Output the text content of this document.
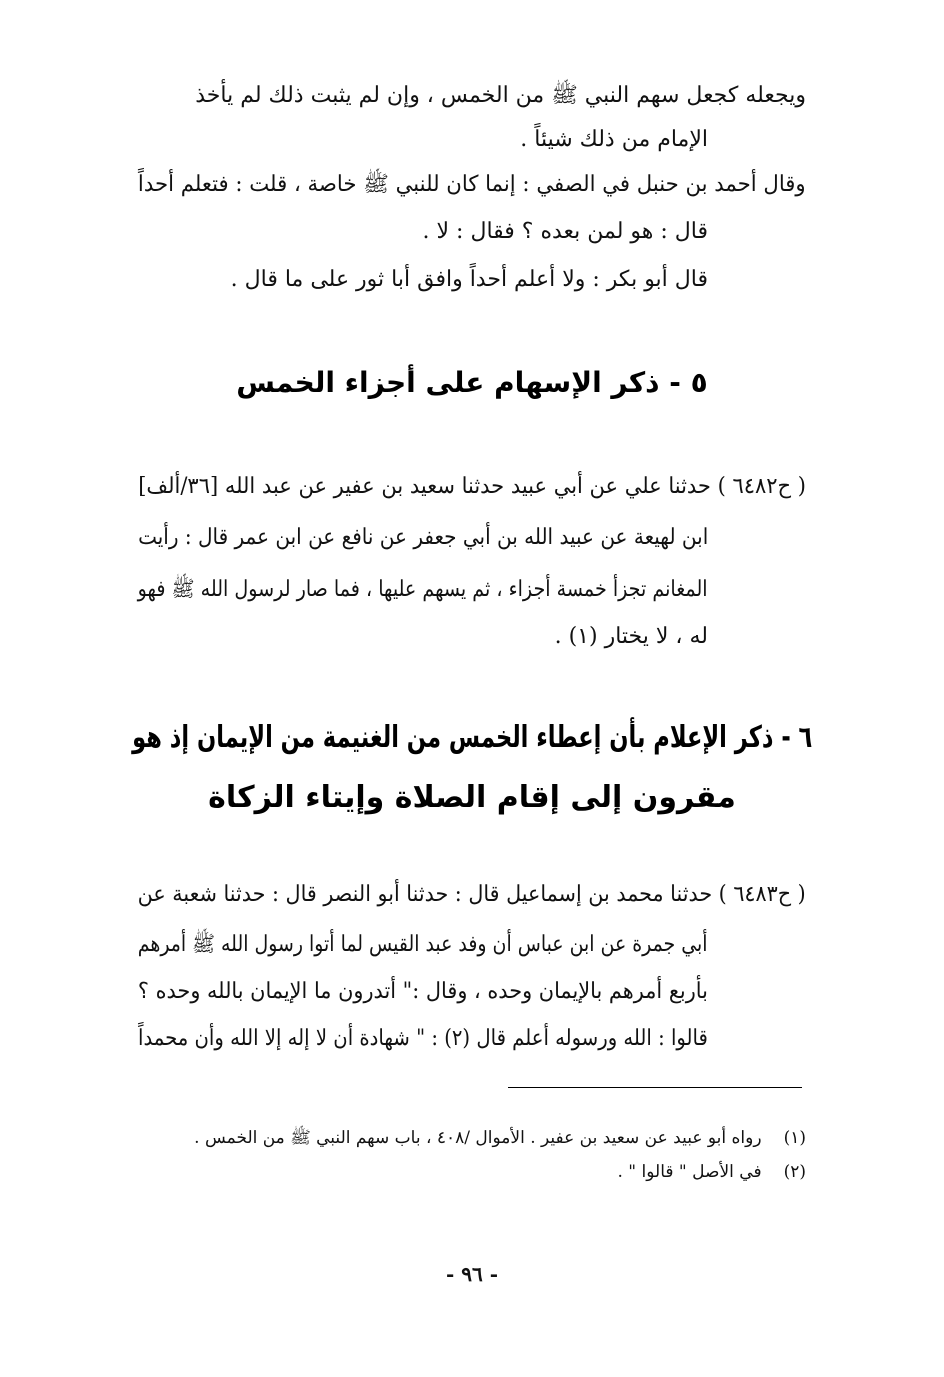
ويجعله كجعل سهم النبي ﷺ من الخمس ، وإن لم يثبت ذلك لم يأخذ
الإمام من ذلك شيئاً .
وقال أحمد بن حنبل في الصفي : إنما كان للنبي ﷺ خاصة ، قلت : فتعلم أحداً
قال : هو لمن بعده ؟ فقال : لا .
قال أبو بكر : ولا أعلم أحداً وافق أبا ثور على ما قال .
٥ - ذكر الإسهام على أجزاء الخمس
( ح٦٤٨٢ ) حدثنا علي عن أبي عبيد حدثنا سعيد بن عفير عن عبد الله [٣٦/ألف]
ابن لهيعة عن عبيد الله بن أبي جعفر عن نافع عن ابن عمر قال : رأيت
المغانم تجزأ خمسة أجزاء ، ثم يسهم عليها ، فما صار لرسول الله ﷺ فهو
له ، لا يختار (١) .
٦ - ذكر الإعلام بأن إعطاء الخمس من الغنيمة من الإيمان إذ هو
مقرون إلى إقام الصلاة وإيتاء الزكاة
( ح٦٤٨٣ ) حدثنا محمد بن إسماعيل قال : حدثنا أبو النصر قال : حدثنا شعبة عن
أبي جمرة عن ابن عباس أن وفد عبد القيس لما أتوا رسول الله ﷺ أمرهم
بأربع أمرهم بالإيمان وحده ، وقال :" أتدرون ما الإيمان بالله وحده ؟
قالوا : الله ورسوله أعلم قال (٢) : " شهادة أن لا إله إلا الله وأن محمداً
(١)رواه أبو عبيد عن سعيد بن عفير . الأموال /٤٠٨ ، باب سهم النبي ﷺ من الخمس .
(٢)في الأصل " قالوا " .
- ٩٦ -
